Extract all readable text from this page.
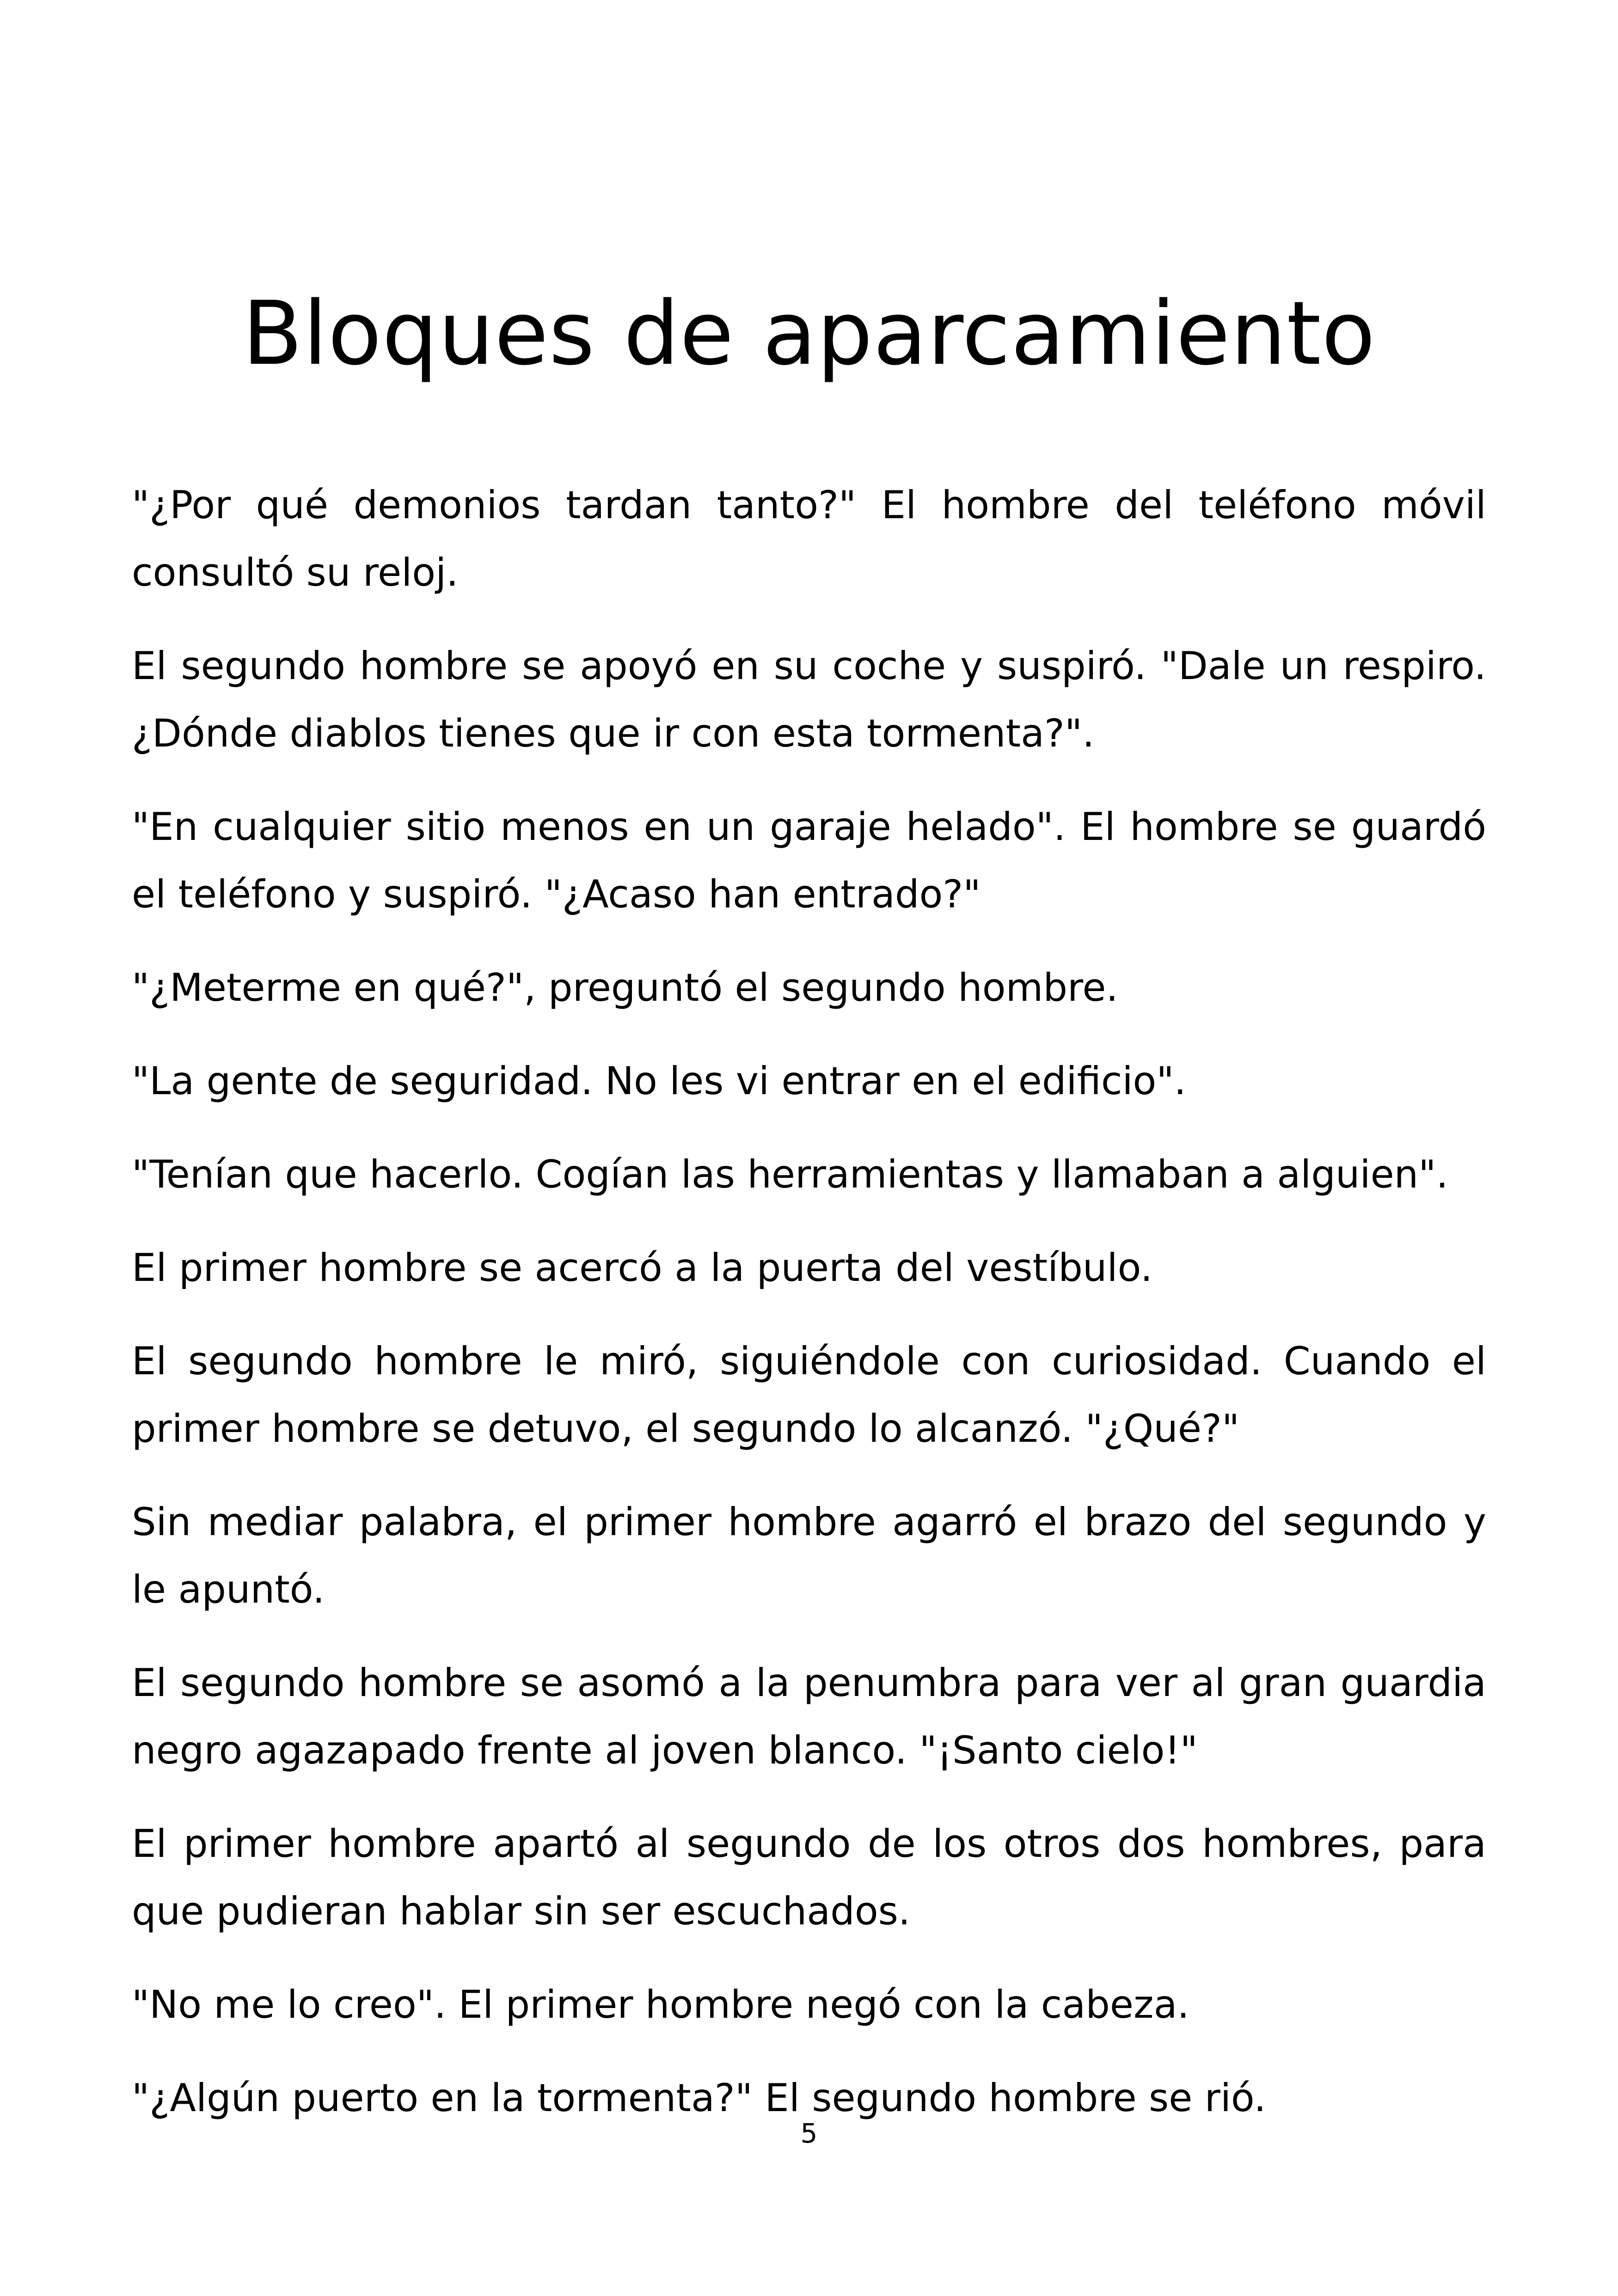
Bloques de aparcamiento

"¿Por qué demonios tardan tanto?" El hombre del teléfono móvil consultó su reloj.

El segundo hombre se apoyó en su coche y suspiró. "Dale un respiro. ¿Dónde diablos tienes que ir con esta tormenta?".

"En cualquier sitio menos en un garaje helado". El hombre se guardó el teléfono y suspiró. "¿Acaso han entrado?"

"¿Meterme en qué?", preguntó el segundo hombre.

"La gente de seguridad. No les vi entrar en el edificio".

"Tenían que hacerlo. Cogían las herramientas y llamaban a alguien".

El primer hombre se acercó a la puerta del vestíbulo.

El segundo hombre le miró, siguiéndole con curiosidad. Cuando el primer hombre se detuvo, el segundo lo alcanzó. "¿Qué?"

Sin mediar palabra, el primer hombre agarró el brazo del segundo y le apuntó.

El segundo hombre se asomó a la penumbra para ver al gran guardia negro agazapado frente al joven blanco. "¡Santo cielo!"

El primer hombre apartó al segundo de los otros dos hombres, para que pudieran hablar sin ser escuchados.

"No me lo creo". El primer hombre negó con la cabeza.

"¿Algún puerto en la tormenta?" El segundo hombre se rió.

5
